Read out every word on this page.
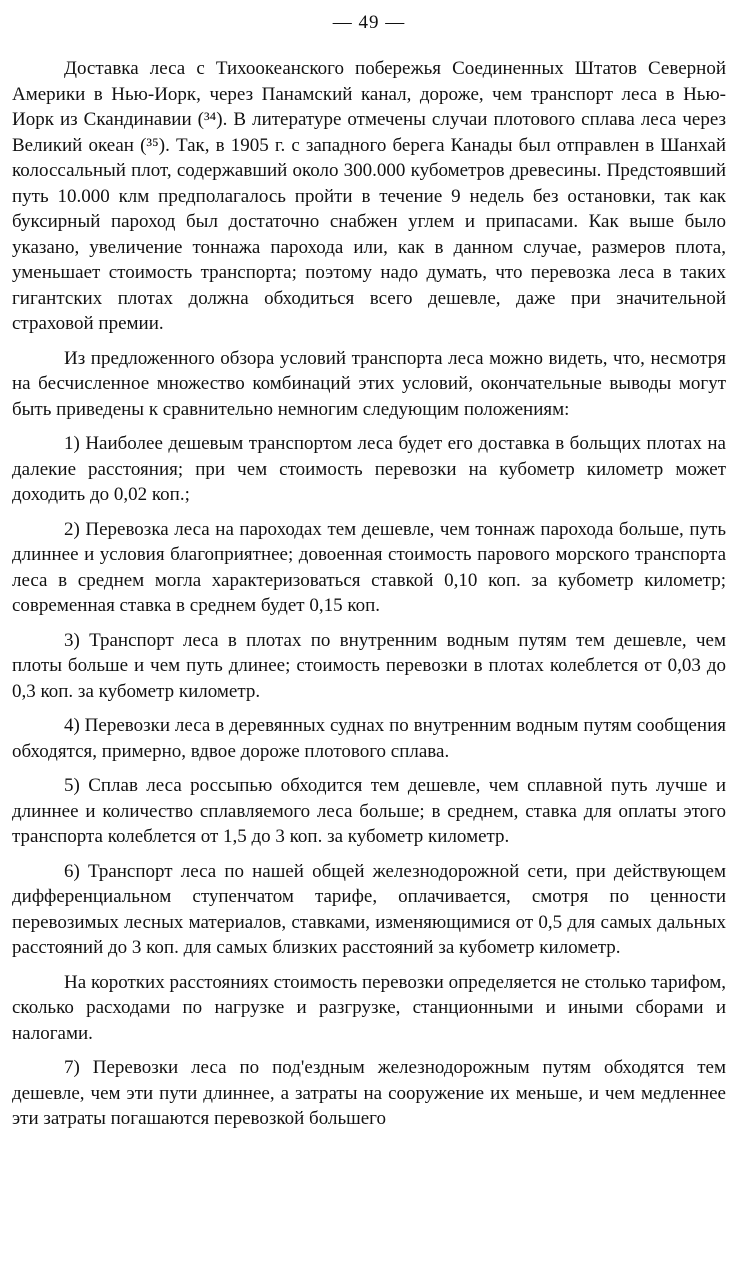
— 49 —

Доставка леса с Тихоокеанского побережья Соединенных Штатов Северной Америки в Нью-Иорк, через Панамский канал, дороже, чем транспорт леса в Нью-Иорк из Скандинавии (³⁴). В литературе отмечены случаи плотового сплава леса через Великий океан (³⁵). Так, в 1905 г. с западного берега Канады был отправлен в Шанхай колоссальный плот, содержавший около 300.000 кубометров древесины. Предстоявший путь 10.000 клм предполагалось пройти в течение 9 недель без остановки, так как буксирный пароход был достаточно снабжен углем и припасами. Как выше было указано, увеличение тоннажа парохода или, как в данном случае, размеров плота, уменьшает стоимость транспорта; поэтому надо думать, что перевозка леса в таких гигантских плотах должна обходиться всего дешевле, даже при значительной страховой премии.

Из предложенного обзора условий транспорта леса можно видеть, что, несмотря на бесчисленное множество комбинаций этих условий, окончательные выводы могут быть приведены к сравнительно немногим следующим положениям:

1) Наиболее дешевым транспортом леса будет его доставка в больщих плотах на далекие расстояния; при чем стоимость перевозки на кубометр километр может доходить до 0,02 коп.;

2) Перевозка леса на пароходах тем дешевле, чем тоннаж парохода больше, путь длиннее и условия благоприятнее; довоенная стоимость парового морского транспорта леса в среднем могла характеризоваться ставкой 0,10 коп. за кубометр километр; современная ставка в среднем будет 0,15 коп.

3) Транспорт леса в плотах по внутренним водным путям тем дешевле, чем плоты больше и чем путь длинее; стоимость перевозки в плотах колеблется от 0,03 до 0,3 коп. за кубометр километр.

4) Перевозки леса в деревянных суднах по внутренним водным путям сообщения обходятся, примерно, вдвое дороже плотового сплава.

5) Сплав леса россыпью обходится тем дешевле, чем сплавной путь лучше и длиннее и количество сплавляемого леса больше; в среднем, ставка для оплаты этого транспорта колеблется от 1,5 до 3 коп. за кубометр километр.

6) Транспорт леса по нашей общей железнодорожной сети, при действующем дифференциальном ступенчатом тарифе, оплачивается, смотря по ценности перевозимых лесных материалов, ставками, изменяющимися от 0,5 для самых дальных расстояний до 3 коп. для самых близких расстояний за кубометр километр.

На коротких расстояниях стоимость перевозки определяется не столько тарифом, сколько расходами по нагрузке и разгрузке, станционными и иными сборами и налогами.

7) Перевозки леса по под'ездным железнодорожным путям обходятся тем дешевле, чем эти пути длиннее, а затраты на сооружение их меньше, и чем медленнее эти затраты погашаются перевозкой большего
